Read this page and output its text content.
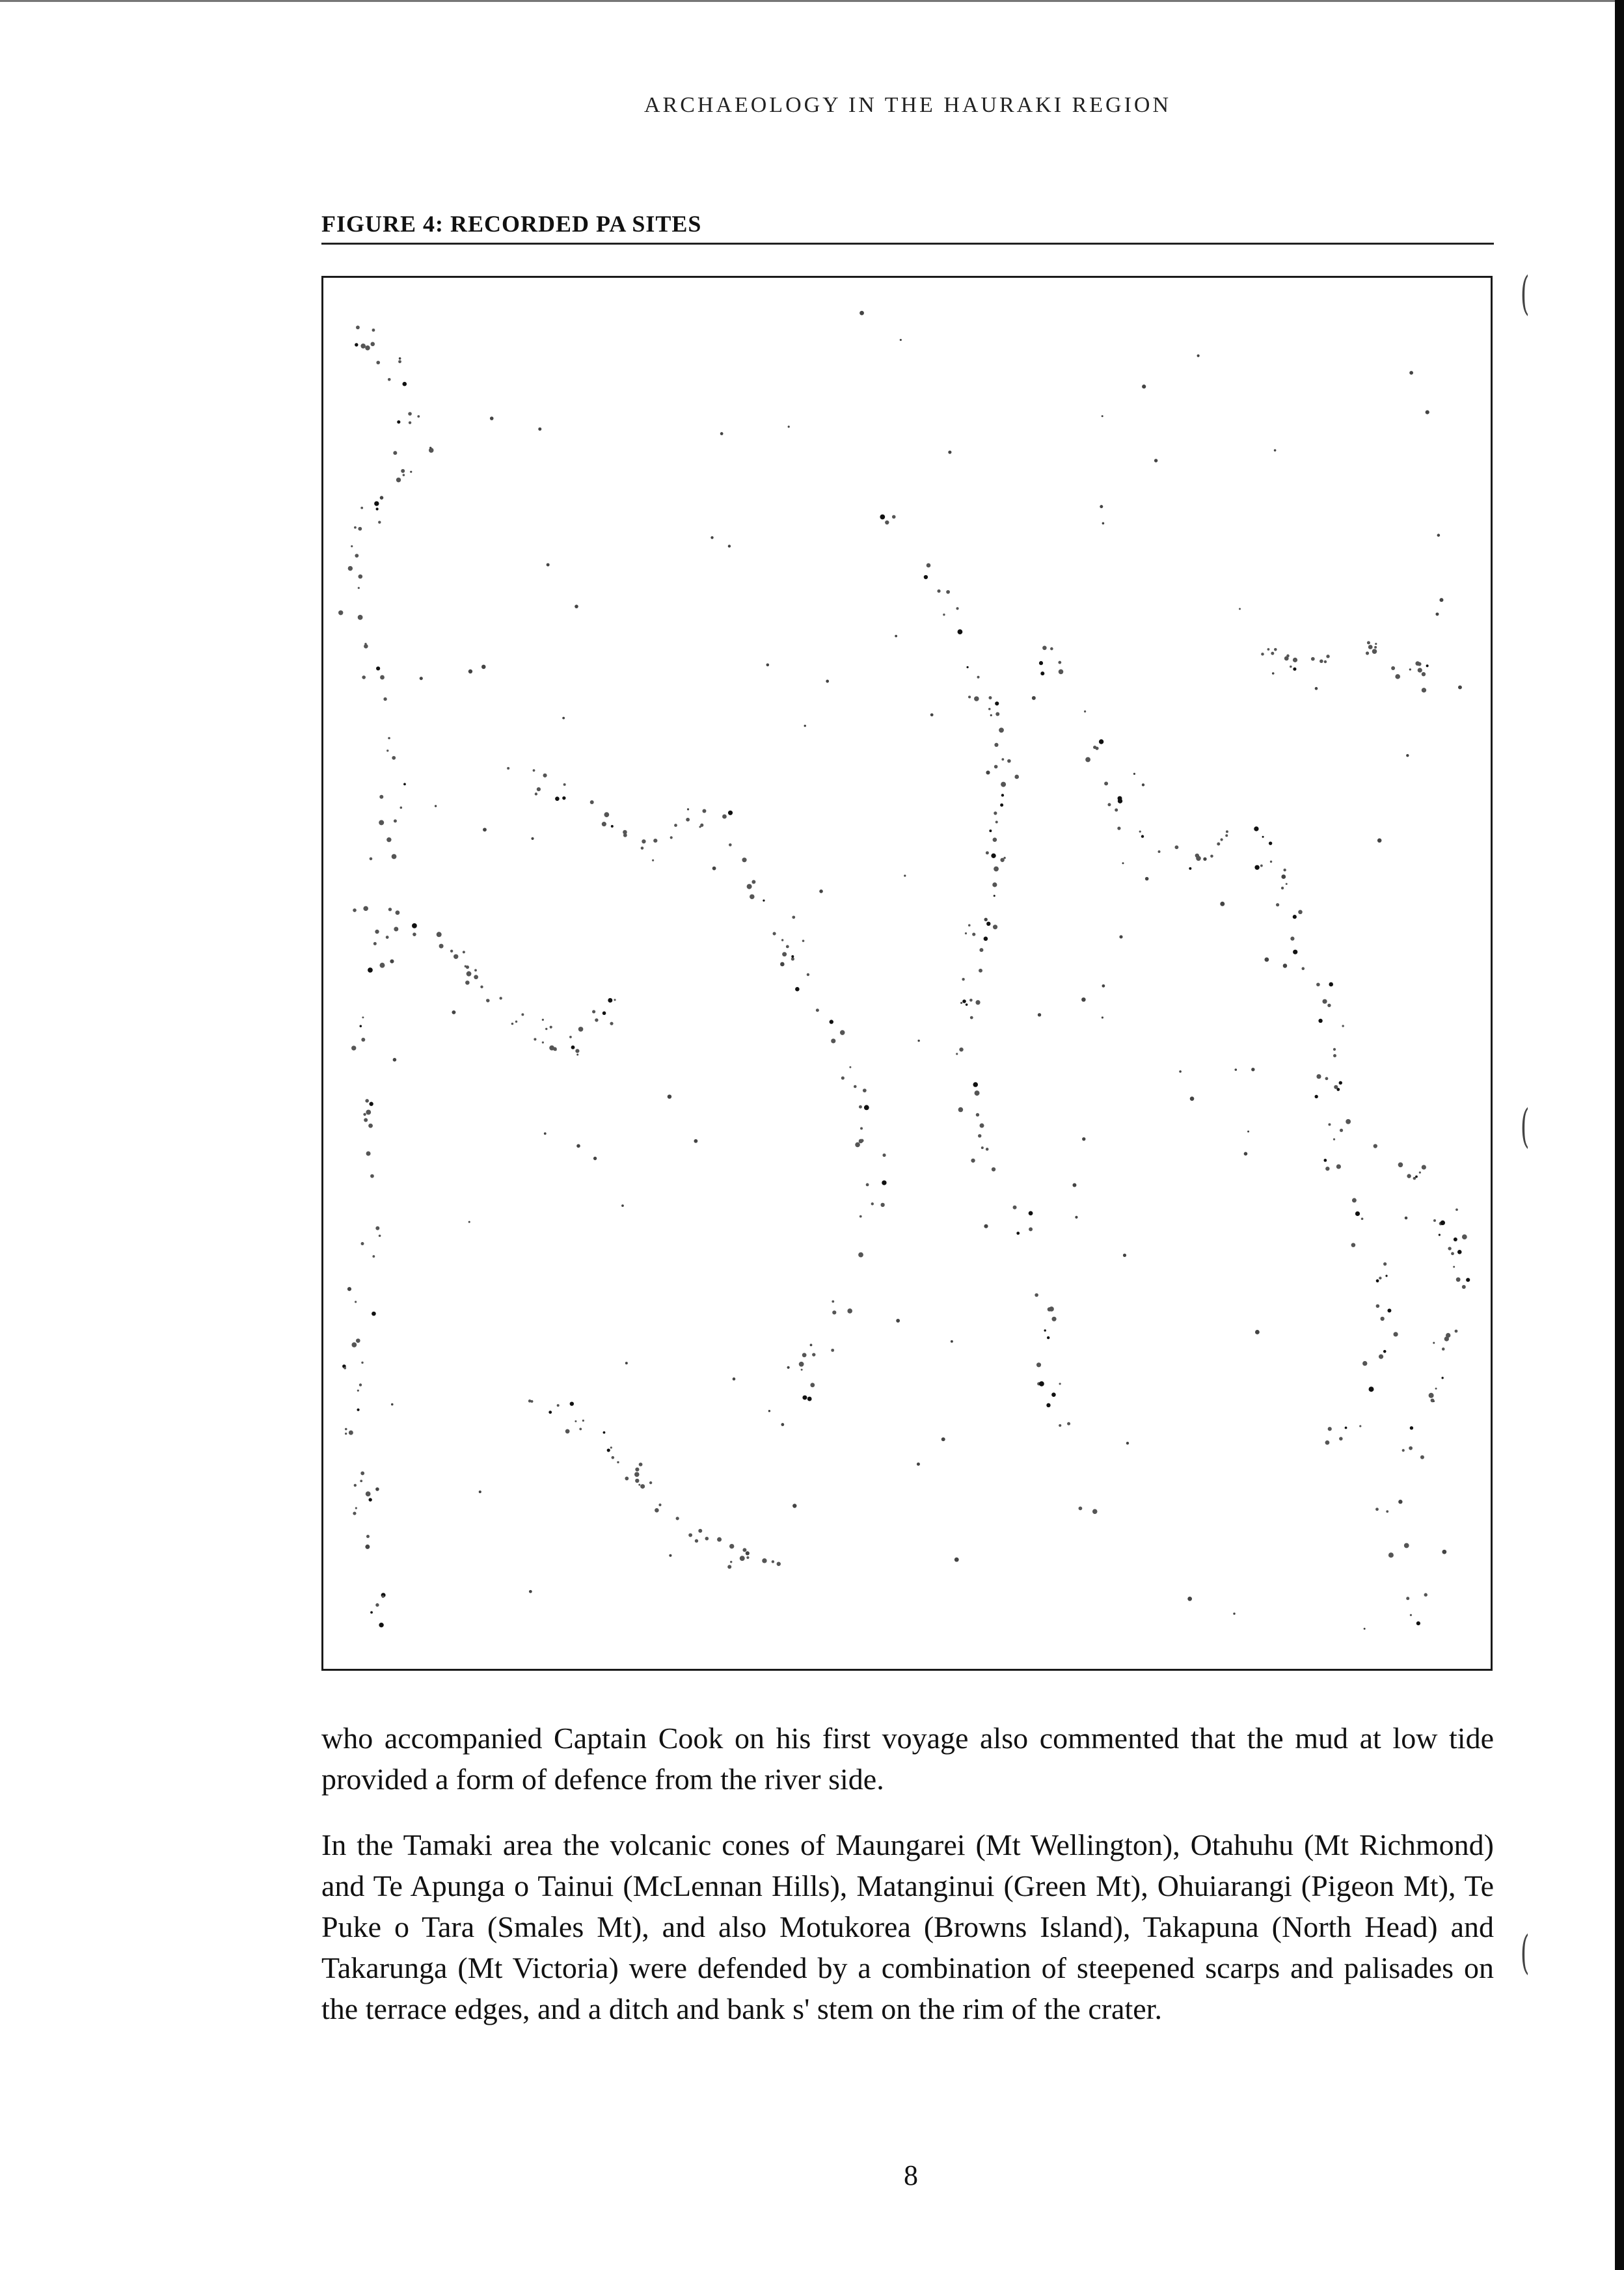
ARCHAEOLOGY IN THE HAURAKI REGION
FIGURE 4: RECORDED PA SITES

who accompanied Captain Cook on his first voyage also commented that the mud at low tide provided a form of defence from the river side.

In the Tamaki area the volcanic cones of Maungarei (Mt Wellington), Otahuhu (Mt Richmond) and Te Apunga o Tainui (McLennan Hills), Matanginui (Green Mt), Ohuiarangi (Pigeon Mt), Te Puke o Tara (Smales Mt), and also Motukorea (Browns Island), Takapuna (North Head) and Takarunga (Mt Victoria) were defended by a combination of steepened scarps and palisades on the terrace edges, and a ditch and bank s' stem on the rim of the crater.

8
(
(
(
